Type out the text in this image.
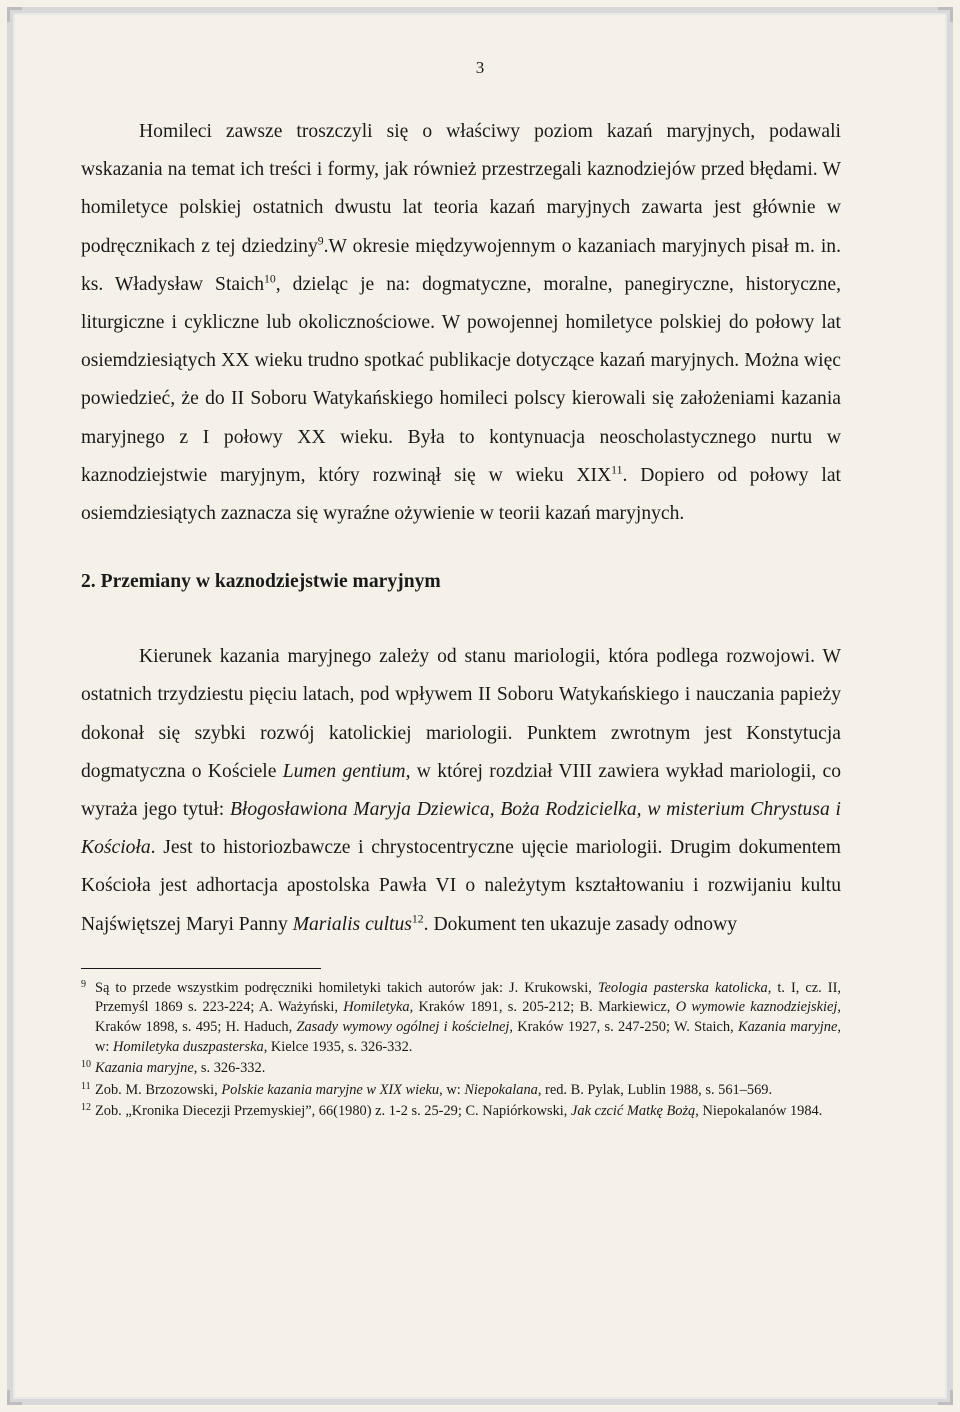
3

Homileci zawsze troszczyli się o właściwy poziom kazań maryjnych, podawali wskazania na temat ich treści i formy, jak również przestrzegali kaznodziejów przed błędami. W homiletyce polskiej ostatnich dwustu lat teoria kazań maryjnych zawarta jest głównie w podręcznikach z tej dziedziny$^9$.W okresie międzywojennym o kazaniach maryjnych pisał m. in. ks. Władysław Staich$^{10}$, dzieląc je na: dogmatyczne, moralne, panegiryczne, historyczne, liturgiczne i cykliczne lub okolicznościowe. W powojennej homiletyce polskiej do połowy lat osiemdziesiątych XX wieku trudno spotkać publikacje dotyczące kazań maryjnych. Można więc powiedzieć, że do II Soboru Watykańskiego homileci polscy kierowali się założeniami kazania maryjnego z I połowy XX wieku. Była to kontynuacja neoscholastycznego nurtu w kaznodziejstwie maryjnym, który rozwinął się w wieku XIX$^{11}$. Dopiero od połowy lat osiemdziesiątych zaznacza się wyraźne ożywienie w teorii kazań maryjnych.

2. Przemiany w kaznodziejstwie maryjnym

Kierunek kazania maryjnego zależy od stanu mariologii, która podlega rozwojowi. W ostatnich trzydziestu pięciu latach, pod wpływem II Soboru Watykańskiego i nauczania papieży dokonał się szybki rozwój katolickiej mariologii. Punktem zwrotnym jest Konstytucja dogmatyczna o Kościele Lumen gentium, w której rozdział VIII zawiera wykład mariologii, co wyraża jego tytuł: Błogosławiona Maryja Dziewica, Boża Rodzicielka, w misterium Chrystusa i Kościoła. Jest to historiozbawcze i chrystocentryczne ujęcie mariologii. Drugim dokumentem Kościoła jest adhortacja apostolska Pawła VI o należytym kształtowaniu i rozwijaniu kultu Najświętszej Maryi Panny Marialis cultus$^{12}$. Dokument ten ukazuje zasady odnowy

9 Są to przede wszystkim podręczniki homiletyki takich autorów jak: J. Krukowski, Teologia pasterska katolicka, t. I, cz. II, Przemyśl 1869 s. 223-224; A. Ważyński, Homiletyka, Kraków 1891, s. 205-212; B. Markiewicz, O wymowie kaznodziejskiej, Kraków 1898, s. 495; H. Haduch, Zasady wymowy ogólnej i kościelnej, Kraków 1927, s. 247-250; W. Staich, Kazania maryjne, w: Homiletyka duszpasterska, Kielce 1935, s. 326-332.
10 Kazania maryjne, s. 326-332.
11 Zob. M. Brzozowski, Polskie kazania maryjne w XIX wieku, w: Niepokalana, red. B. Pylak, Lublin 1988, s. 561–569.
12 Zob. „Kronika Diecezji Przemyskiej”, 66(1980) z. 1-2 s. 25-29; C. Napiórkowski, Jak czcić Matkę Bożą, Niepokalanów 1984.
